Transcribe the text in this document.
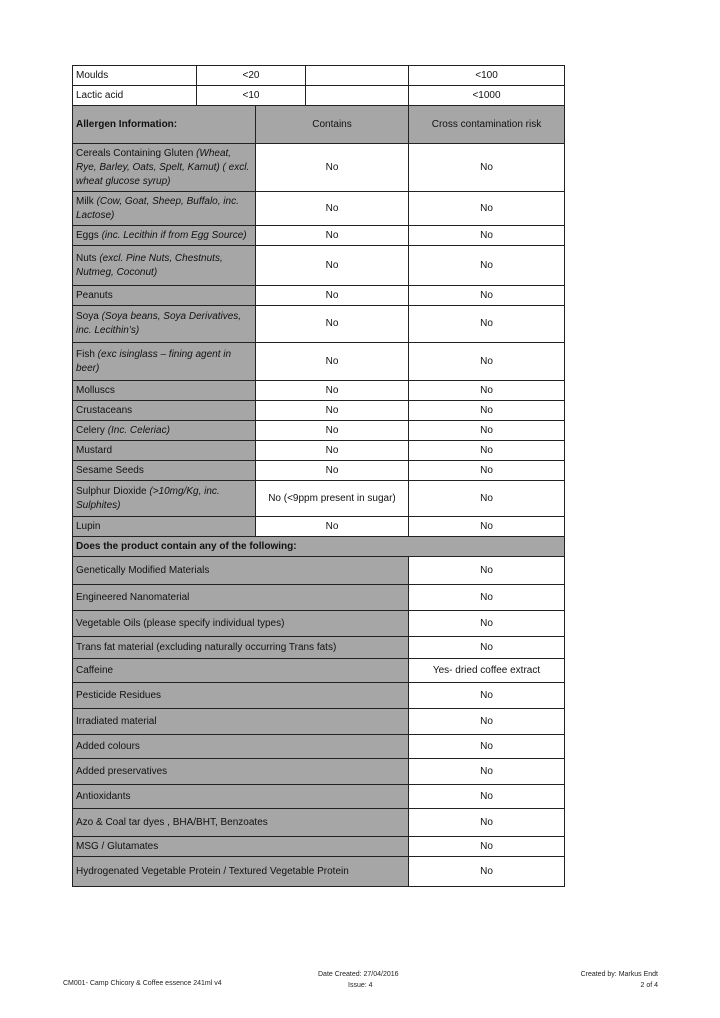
Moulds	<20			<100
Lactic acid	<10			<1000
Allergen Information:		Contains		Cross contamination risk
Cereals Containing Gluten (Wheat, Rye, Barley, Oats, Spelt, Kamut) ( excl. wheat glucose syrup)		No		No
Milk (Cow, Goat, Sheep, Buffalo, inc. Lactose)		No		No
Eggs (inc. Lecithin if from Egg Source)		No		No
Nuts (excl. Pine Nuts, Chestnuts, Nutmeg, Coconut)		No		No
Peanuts		No		No
Soya (Soya beans, Soya Derivatives, inc. Lecithin’s)		No		No
Fish (exc isinglass – fining agent in beer)		No		No
Molluscs		No		No
Crustaceans		No		No
Celery (Inc. Celeriac)		No		No
Mustard		No		No
Sesame Seeds		No		No
Sulphur Dioxide (>10mg/Kg, inc. Sulphites)		No (<9ppm present in sugar)		No
Lupin		No		No
Does the product contain any of the following:				
Genetically Modified Materials				No
Engineered Nanomaterial				No
Vegetable Oils (please specify individual types)				No
Trans fat material (excluding naturally occurring Trans fats)				No
Caffeine				Yes- dried coffee extract
Pesticide Residues				No
Irradiated material				No
Added colours				No
Added preservatives				No
Antioxidants				No
Azo & Coal tar dyes , BHA/BHT, Benzoates				No
MSG / Glutamates				No
Hydrogenated Vegetable Protein / Textured Vegetable Protein				No
CM001- Camp Chicory & Coffee essence 241ml v4
Date Created: 27/04/2016
Issue: 4
Created by: Markus Endt
2 of 4
